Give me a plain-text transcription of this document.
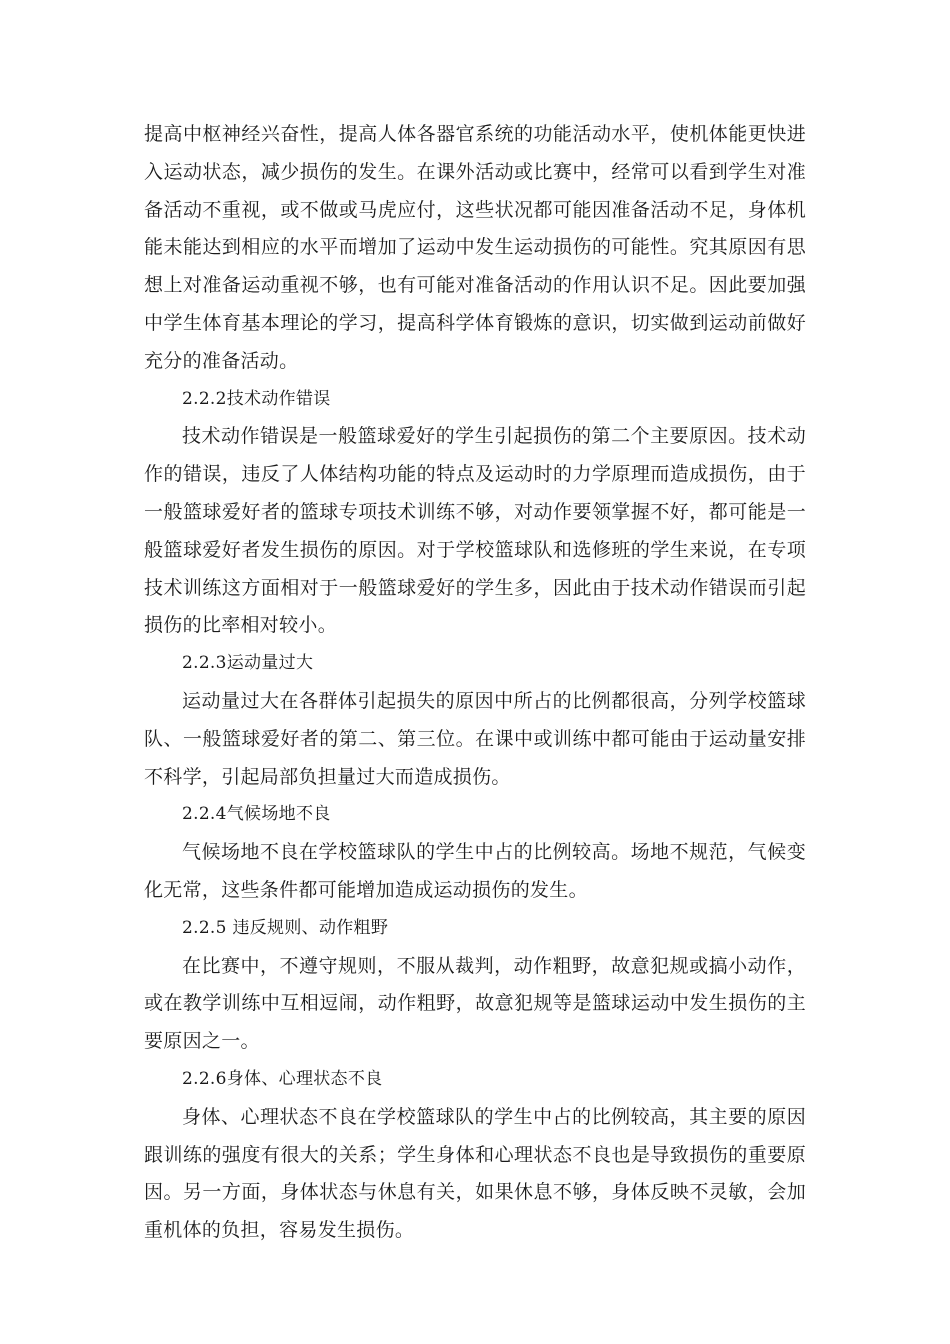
提高中枢神经兴奋性，提高人体各器官系统的功能活动水平，使机体能更快进入运动状态，减少损伤的发生。在课外活动或比赛中，经常可以看到学生对准备活动不重视，或不做或马虎应付，这些状况都可能因准备活动不足，身体机能未能达到相应的水平而增加了运动中发生运动损伤的可能性。究其原因有思想上对准备运动重视不够，也有可能对准备活动的作用认识不足。因此要加强中学生体育基本理论的学习，提高科学体育锻炼的意识，切实做到运动前做好充分的准备活动。

2.2.2技术动作错误

技术动作错误是一般篮球爱好的学生引起损伤的第二个主要原因。技术动作的错误，违反了人体结构功能的特点及运动时的力学原理而造成损伤，由于一般篮球爱好者的篮球专项技术训练不够，对动作要领掌握不好，都可能是一般篮球爱好者发生损伤的原因。对于学校篮球队和选修班的学生来说，在专项技术训练这方面相对于一般篮球爱好的学生多，因此由于技术动作错误而引起损伤的比率相对较小。

2.2.3运动量过大

运动量过大在各群体引起损失的原因中所占的比例都很高，分列学校篮球队、一般篮球爱好者的第二、第三位。在课中或训练中都可能由于运动量安排不科学，引起局部负担量过大而造成损伤。

2.2.4气候场地不良

气候场地不良在学校篮球队的学生中占的比例较高。场地不规范，气候变化无常，这些条件都可能增加造成运动损伤的发生。

2.2.5 违反规则、动作粗野

在比赛中，不遵守规则，不服从裁判，动作粗野，故意犯规或搞小动作，或在教学训练中互相逗闹，动作粗野，故意犯规等是篮球运动中发生损伤的主要原因之一。

2.2.6身体、心理状态不良

身体、心理状态不良在学校篮球队的学生中占的比例较高，其主要的原因跟训练的强度有很大的关系；学生身体和心理状态不良也是导致损伤的重要原因。另一方面，身体状态与休息有关，如果休息不够，身体反映不灵敏，会加重机体的负担，容易发生损伤。
